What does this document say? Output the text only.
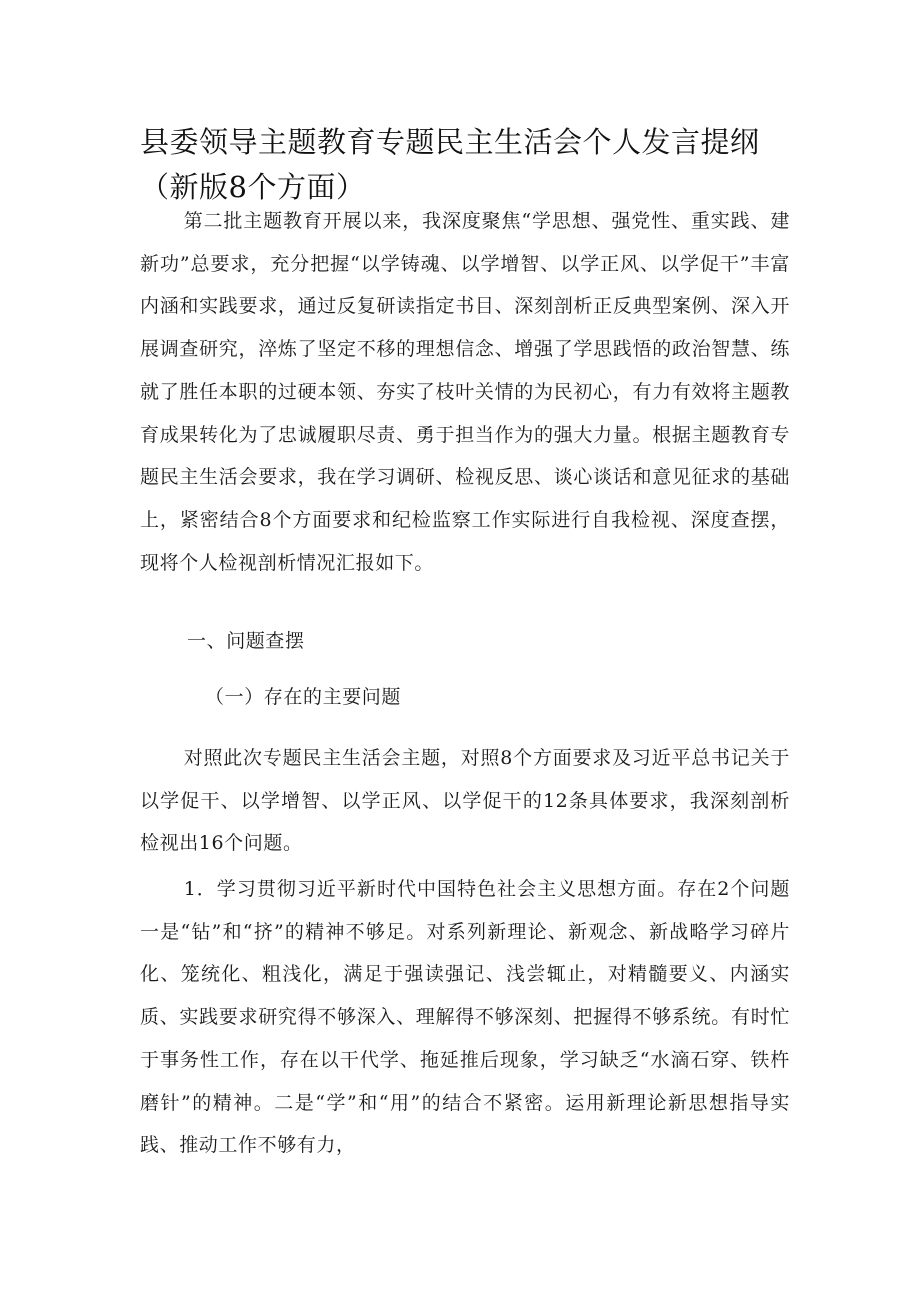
县委领导主题教育专题民主生活会个人发言提纲（新版8个方面）

第二批主题教育开展以来，我深度聚焦“学思想、强党性、重实践、建新功”总要求，充分把握“以学铸魂、以学增智、以学正风、以学促干”丰富内涵和实践要求，通过反复研读指定书目、深刻剖析正反典型案例、深入开展调查研究，淬炼了坚定不移的理想信念、增强了学思践悟的政治智慧、练就了胜任本职的过硬本领、夯实了枝叶关情的为民初心，有力有效将主题教育成果转化为了忠诚履职尽责、勇于担当作为的强大力量。根据主题教育专题民主生活会要求，我在学习调研、检视反思、谈心谈话和意见征求的基础上，紧密结合8个方面要求和纪检监察工作实际进行自我检视、深度查摆，现将个人检视剖析情况汇报如下。

一、问题查摆

（一）存在的主要问题

对照此次专题民主生活会主题，对照8个方面要求及习近平总书记关于以学促干、以学增智、以学正风、以学促干的12条具体要求，我深刻剖析检视出16个问题。

1．学习贯彻习近平新时代中国特色社会主义思想方面。存在2个问题 一是“钻”和“挤”的精神不够足。对系列新理论、新观念、新战略学习碎片化、笼统化、粗浅化，满足于强读强记、浅尝辄止，对精髓要义、内涵实质、实践要求研究得不够深入、理解得不够深刻、把握得不够系统。有时忙于事务性工作，存在以干代学、拖延推后现象，学习缺乏“水滴石穿、铁杵磨针”的精神。二是“学”和“用”的结合不紧密。运用新理论新思想指导实践、推动工作不够有力，
